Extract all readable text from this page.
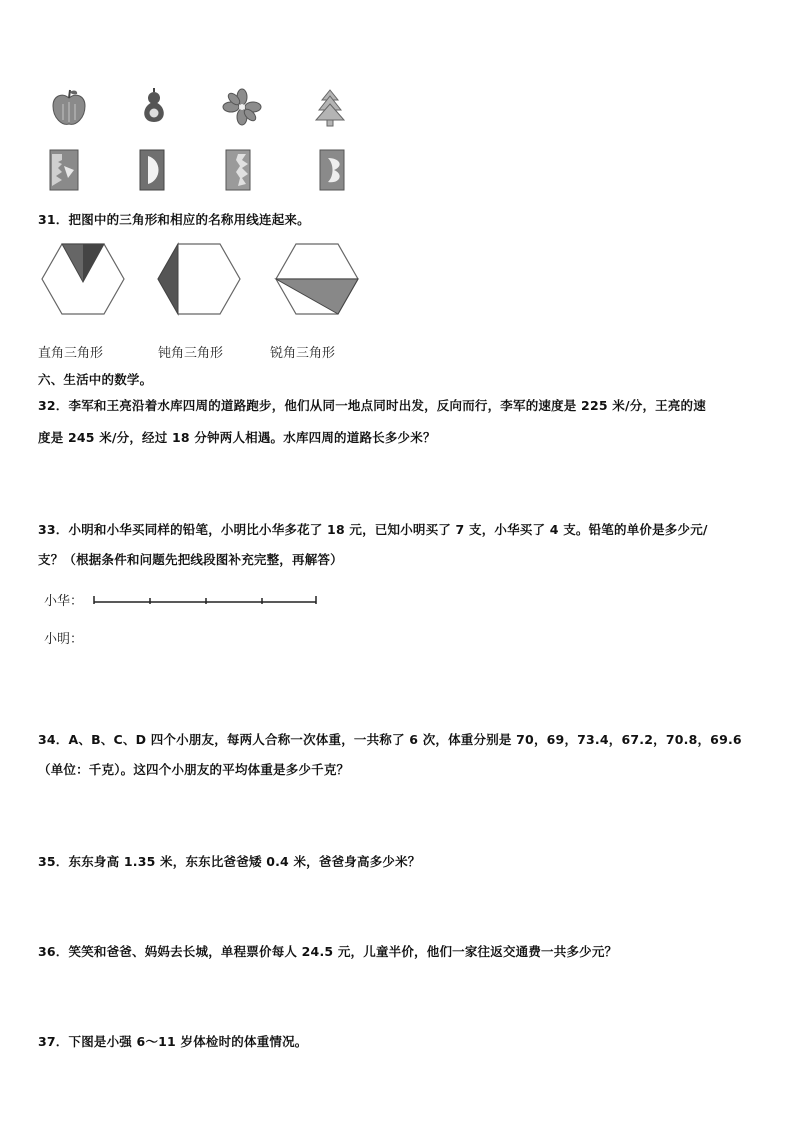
31．把图中的三角形和相应的名称用线连起来。
直角三角形	钝角三角形	锐角三角形
六、生活中的数学。
32．李军和王亮沿着水库四周的道路跑步，他们从同一地点同时出发，反向而行，李军的速度是 225 米/分，王亮的速
度是 245 米/分，经过 18 分钟两人相遇。水库四周的道路长多少米？
33．小明和小华买同样的铅笔，小明比小华多花了 18 元，已知小明买了 7 支，小华买了 4 支。铅笔的单价是多少元/
支？（根据条件和问题先把线段图补充完整，再解答）
小华：
小明：
34．A、B、C、D 四个小朋友，每两人合称一次体重，一共称了 6 次，体重分别是 70，69，73.4，67.2，70.8，69.6
（单位：千克）。这四个小朋友的平均体重是多少千克？
35．东东身高 1.35 米，东东比爸爸矮 0.4 米，爸爸身高多少米？
36．笑笑和爸爸、妈妈去长城，单程票价每人 24.5 元，儿童半价，他们一家往返交通费一共多少元？
37．下图是小强 6～11 岁体检时的体重情况。
